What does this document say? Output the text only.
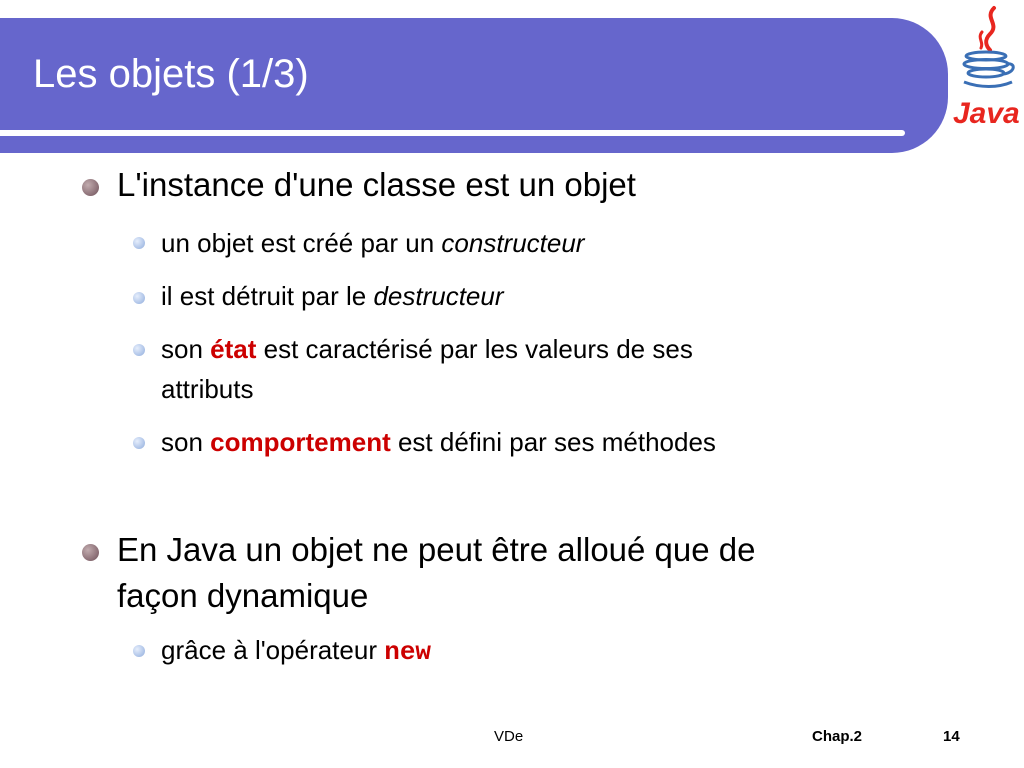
Les objets (1/3)
Java
L'instance d'une classe est un objet
un objet est créé par un constructeur
il est détruit par le destructeur
son état est caractérisé par les valeurs de ses
attributs
son comportement est défini par ses méthodes
En Java un objet ne peut être alloué que de
façon dynamique
grâce à l'opérateur new
VDe	Chap.2	14
